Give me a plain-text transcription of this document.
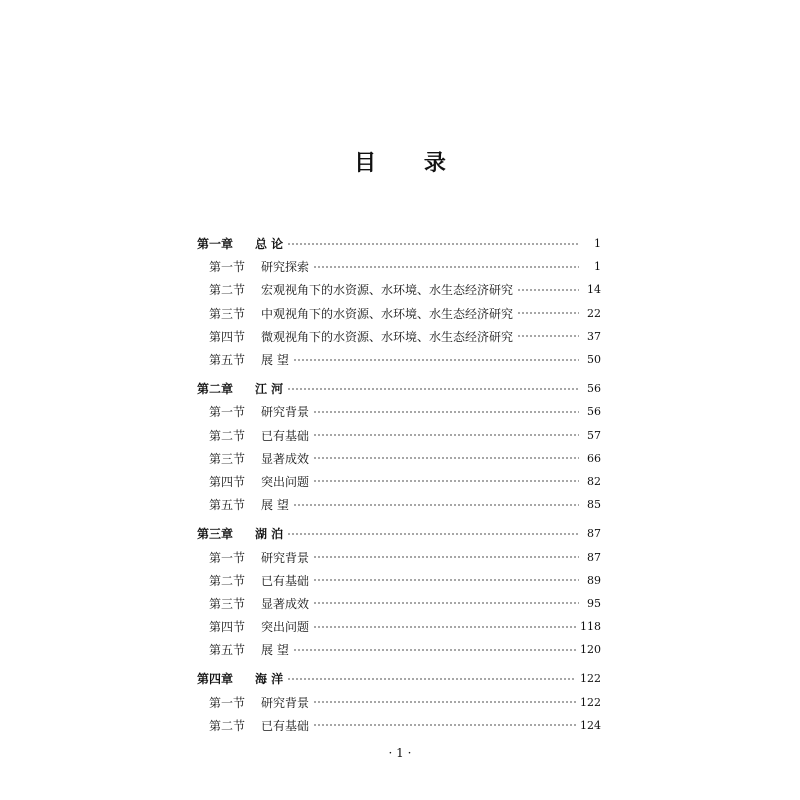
目 录
第一章	总 论	1
第一节	研究探索	1
第二节	宏观视角下的水资源、水环境、水生态经济研究	14
第三节	中观视角下的水资源、水环境、水生态经济研究	22
第四节	微观视角下的水资源、水环境、水生态经济研究	37
第五节	展 望	50
第二章	江 河	56
第一节	研究背景	56
第二节	已有基础	57
第三节	显著成效	66
第四节	突出问题	82
第五节	展 望	85
第三章	湖 泊	87
第一节	研究背景	87
第二节	已有基础	89
第三节	显著成效	95
第四节	突出问题	118
第五节	展 望	120
第四章	海 洋	122
第一节	研究背景	122
第二节	已有基础	124
· 1 ·
